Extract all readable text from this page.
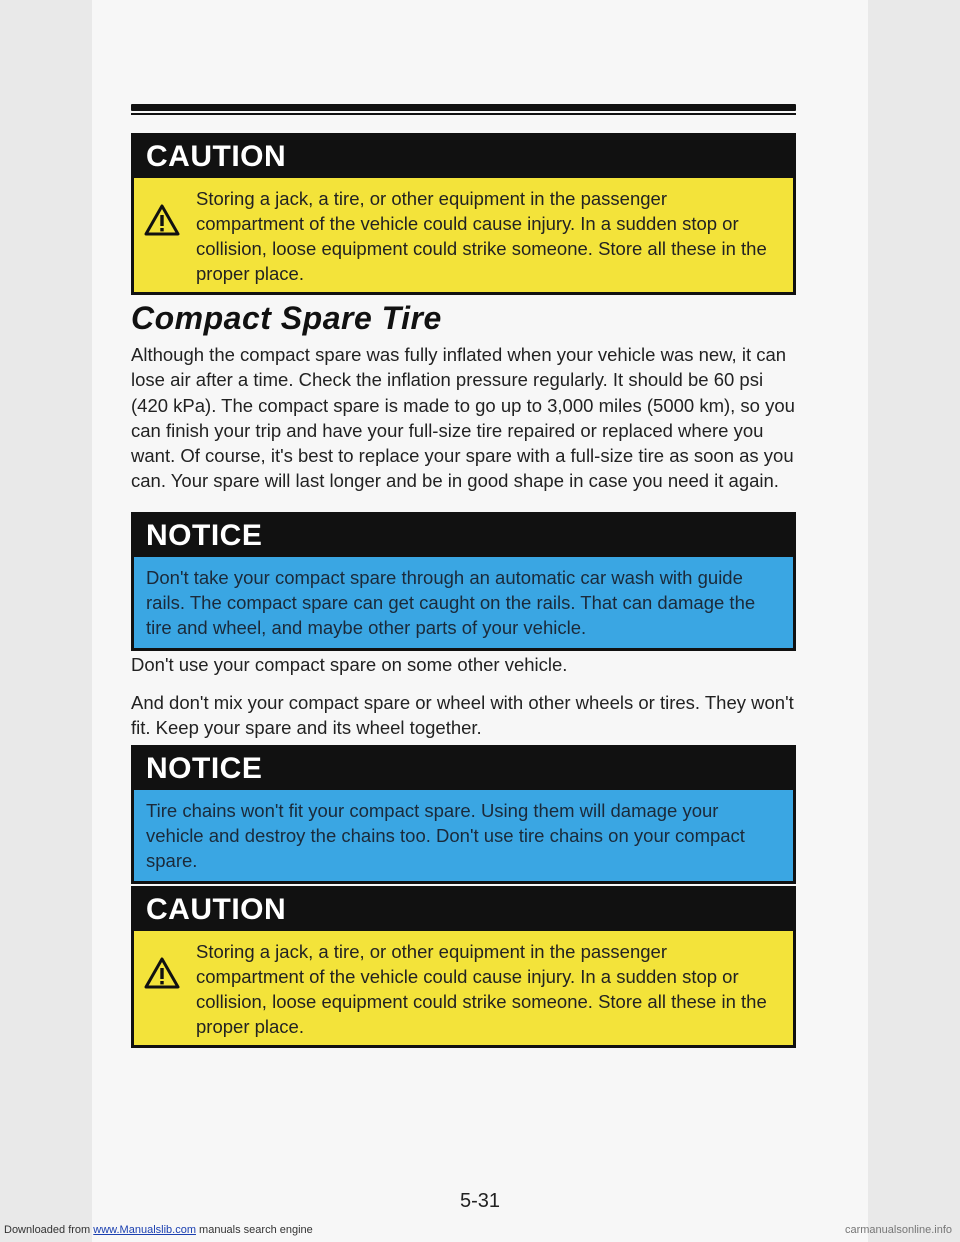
CAUTION
Storing a jack, a tire, or other equipment in the passenger compartment of the vehicle could cause injury. In a sudden stop or collision, loose equipment could strike someone. Store all these in the proper place.
Compact Spare Tire

Although the compact spare was fully inflated when your vehicle was new, it can lose air after a time. Check the inflation pressure regularly. It should be 60 psi (420 kPa). The compact spare is made to go up to 3,000 miles (5000 km), so you can finish your trip and have your full-size tire repaired or replaced where you want. Of course, it's best to replace your spare with a full-size tire as soon as you can. Your spare will last longer and be in good shape in case you need it again.

NOTICE
Don't take your compact spare through an automatic car wash with guide rails. The compact spare can get caught on the rails. That can damage the tire and wheel, and maybe other parts of your vehicle.

Don't use your compact spare on some other vehicle.

And don't mix your compact spare or wheel with other wheels or tires. They won't fit. Keep your spare and its wheel together.

NOTICE
Tire chains won't fit your compact spare. Using them will damage your vehicle and destroy the chains too. Don't use tire chains on your compact spare.
CAUTION
Storing a jack, a tire, or other equipment in the passenger compartment of the vehicle could cause injury. In a sudden stop or collision, loose equipment could strike someone. Store all these in the proper place.
5-31
Downloaded from www.Manualslib.com manuals search engine	carmanualsonline.info
